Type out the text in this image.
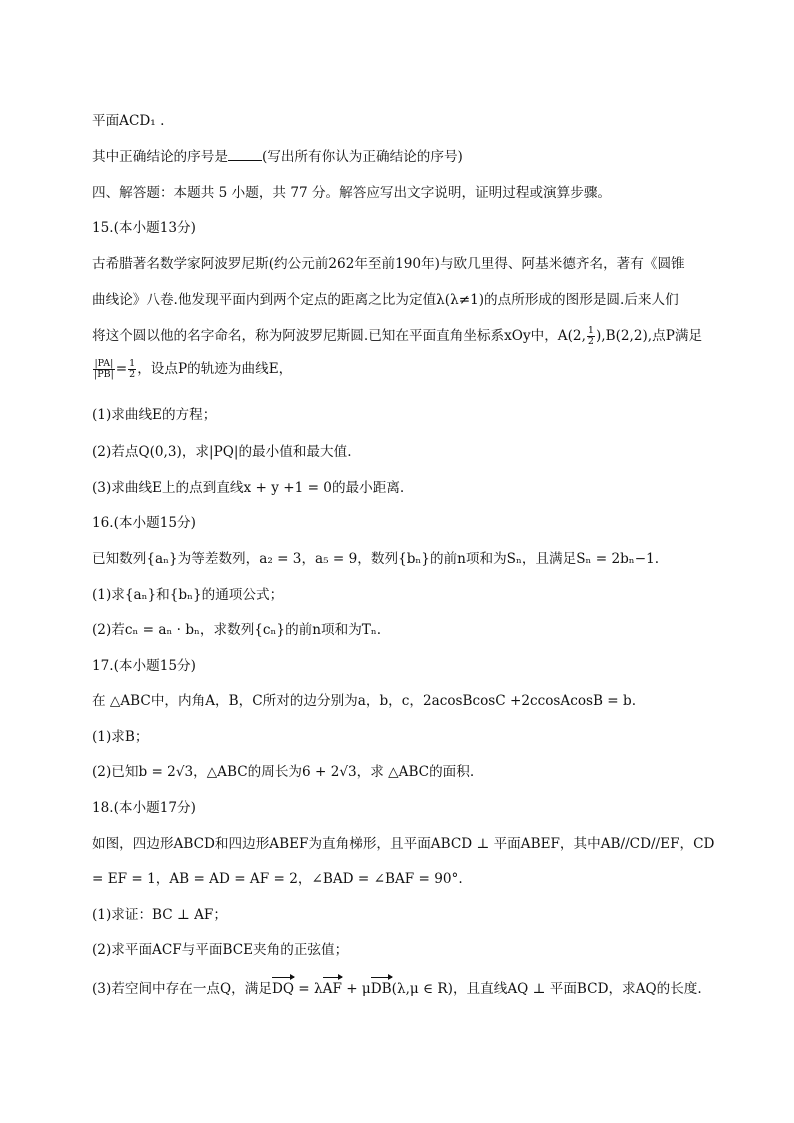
平面ACD₁ .
其中正确结论的序号是	(写出所有你认为正确结论的序号)
四、解答题：本题共 5 小题，共 77 分。解答应写出文字说明，证明过程或演算步骤。
15.(本小题13分)
古希腊著名数学家阿波罗尼斯(约公元前262年至前190年)与欧几里得、阿基米德齐名，著有《圆锥
曲线论》八卷.他发现平面内到两个定点的距离之比为定值λ(λ≠1)的点所形成的图形是圆.后来人们
将这个圆以他的名字命名，称为阿波罗尼斯圆.已知在平面直角坐标系xOy中，A(2, $\frac{1}{2} ),B(2,2)$,点P满足
$\frac{|PA|}{|PB|} = \frac{1}{2}$ ，设点P的轨迹为曲线E，
(1)求曲线E的方程；
(2)若点Q(0,3)，求|PQ|的最小值和最大值.
(3)求曲线E上的点到直线x + y +1 = 0的最小距离.
16.(本小题15分)
已知数列{aₙ}为等差数列，a₂ = 3，a₅ = 9，数列{bₙ}的前n项和为Sₙ，且满足Sₙ = 2bₙ−1.
(1)求{aₙ}和{bₙ}的通项公式；
(2)若cₙ = aₙ · bₙ，求数列{cₙ}的前n项和为Tₙ.
17.(本小题15分)
在 △ABC中，内角A，B，C所对的边分别为a，b，c，2acosBcosC +2ccosAcosB = b.
(1)求B；
(2)已知b = 2√3，△ABC的周长为6 + 2√3，求 △ABC的面积.
18.(本小题17分)
如图，四边形ABCD和四边形ABEF为直角梯形，且平面ABCD ⊥ 平面ABEF，其中AB//CD//EF，CD
= EF = 1，AB = AD = AF = 2，∠BAD = ∠BAF = 90°.
(1)求证：BC ⊥ AF；
(2)求平面ACF与平面BCE夹角的正弦值；
(3)若空间中存在一点Q，满足DQ = λAF + μDB(λ,μ ∈ R)，且直线AQ ⊥ 平面BCD，求AQ的长度.
